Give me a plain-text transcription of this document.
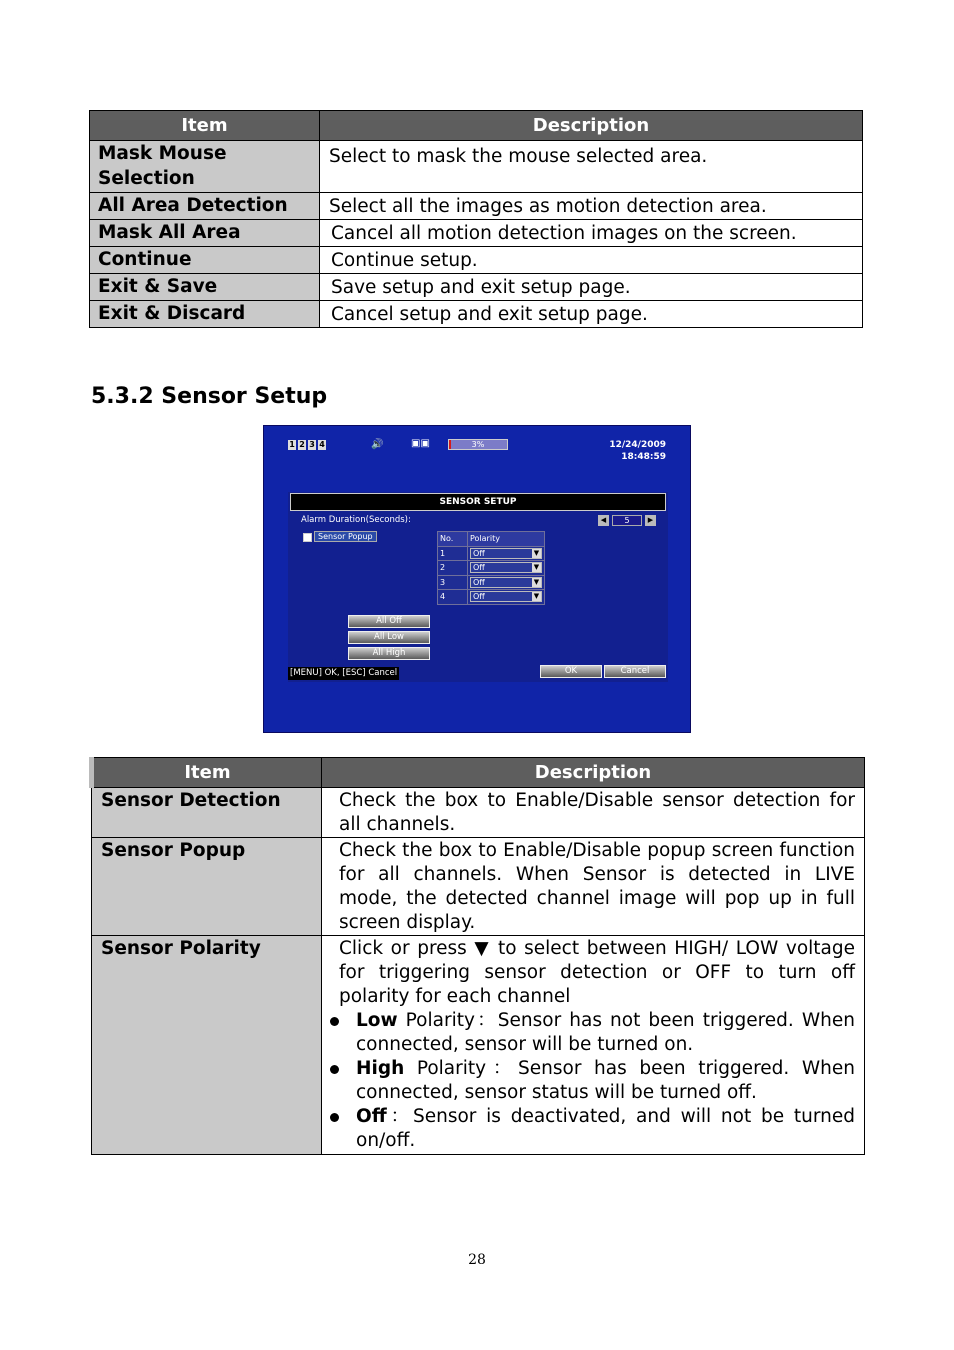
Item	Description
Mask Mouse Selection	Select to mask the mouse selected area.
All Area Detection	Select all the images as motion detection area.
Mask All Area	Cancel all motion detection images on the screen.
Continue	Continue setup.
Exit & Save	Save setup and exit setup page.
Exit & Discard	Cancel setup and exit setup page.
5.3.2 Sensor Setup
1 2 3 4	🔊	▣▣	3%	12/24/2009
18:48:59
SENSOR SETUP
Alarm Duration(Seconds):	◀	5	▶
Sensor Popup	No.	Polarity
1	Off ▼

2	Off ▼

3	Off ▼

4	Off ▼
All Off
All Low
All High
[MENU] OK, [ESC] Cancel	OK	Cancel
Item	Description
Sensor Detection	Check the box to Enable/Disable sensor detection for all channels.
Sensor Popup	Check the box to Enable/Disable popup screen function for all channels. When Sensor is detected in LIVE mode, the detected channel image will pop up in full screen display.
Sensor Polarity	Click or press ▼ to select between HIGH/ LOW voltage for triggering sensor detection or OFF to turn off polarity for each channel
Low Polarity：Sensor has not been triggered. When connected, sensor will be turned on.
High Polarity：Sensor has been triggered. When connected, sensor status will be turned off.
Off：Sensor is deactivated, and will not be turned on/off.
28
